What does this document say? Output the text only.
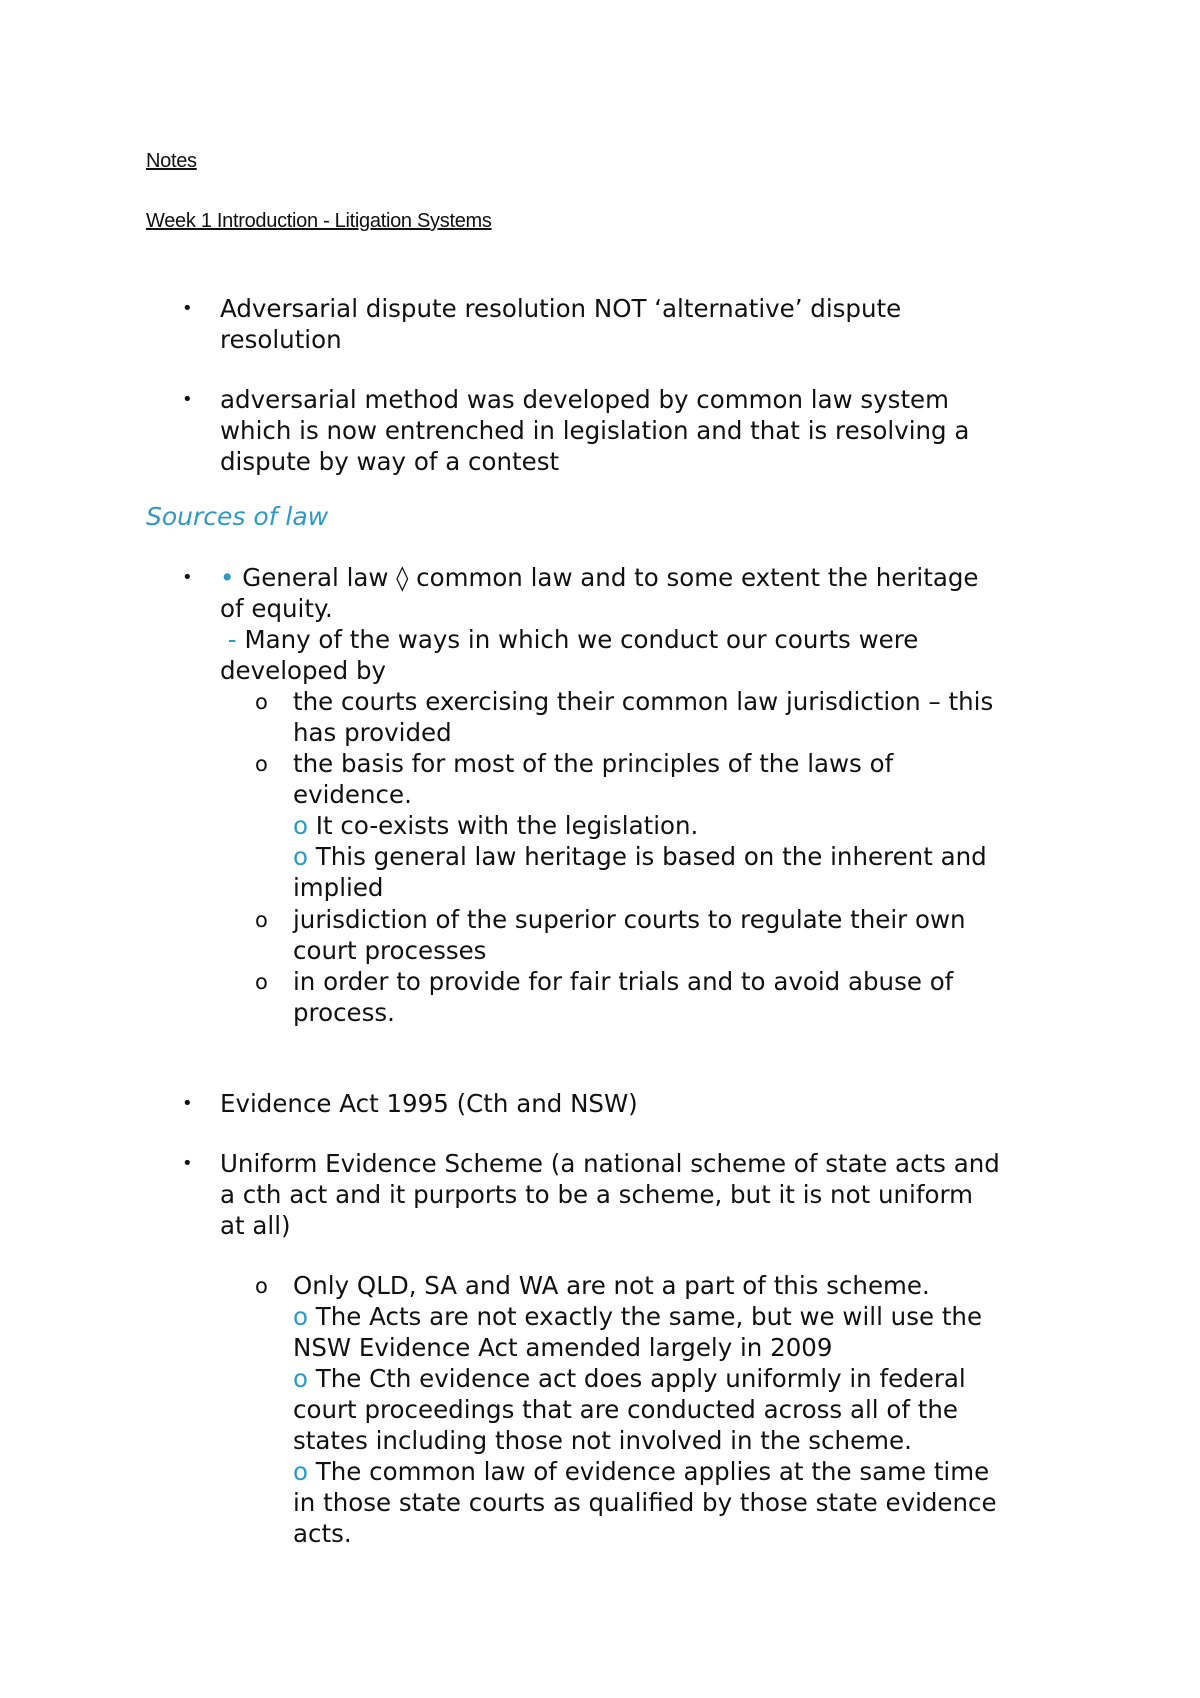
Notes
Week 1 Introduction - Litigation Systems
• Adversarial dispute resolution NOT ‘alternative’ dispute
resolution
• adversarial method was developed by common law system
which is now entrenched in legislation and that is resolving a
dispute by way of a contest
Sources of law
• • General law ◊ common law and to some extent the heritage
of equity.
- Many of the ways in which we conduct our courts were
developed by
o the courts exercising their common law jurisdiction – this
has provided
o the basis for most of the principles of the laws of
evidence.
o It co-exists with the legislation.
o This general law heritage is based on the inherent and
implied
o jurisdiction of the superior courts to regulate their own
court processes
o in order to provide for fair trials and to avoid abuse of
process.
• Evidence Act 1995 (Cth and NSW)
• Uniform Evidence Scheme (a national scheme of state acts and
a cth act and it purports to be a scheme, but it is not uniform
at all)
o Only QLD, SA and WA are not a part of this scheme.
o The Acts are not exactly the same, but we will use the
NSW Evidence Act amended largely in 2009
o The Cth evidence act does apply uniformly in federal
court proceedings that are conducted across all of the
states including those not involved in the scheme.
o The common law of evidence applies at the same time
in those state courts as qualified by those state evidence
acts.
